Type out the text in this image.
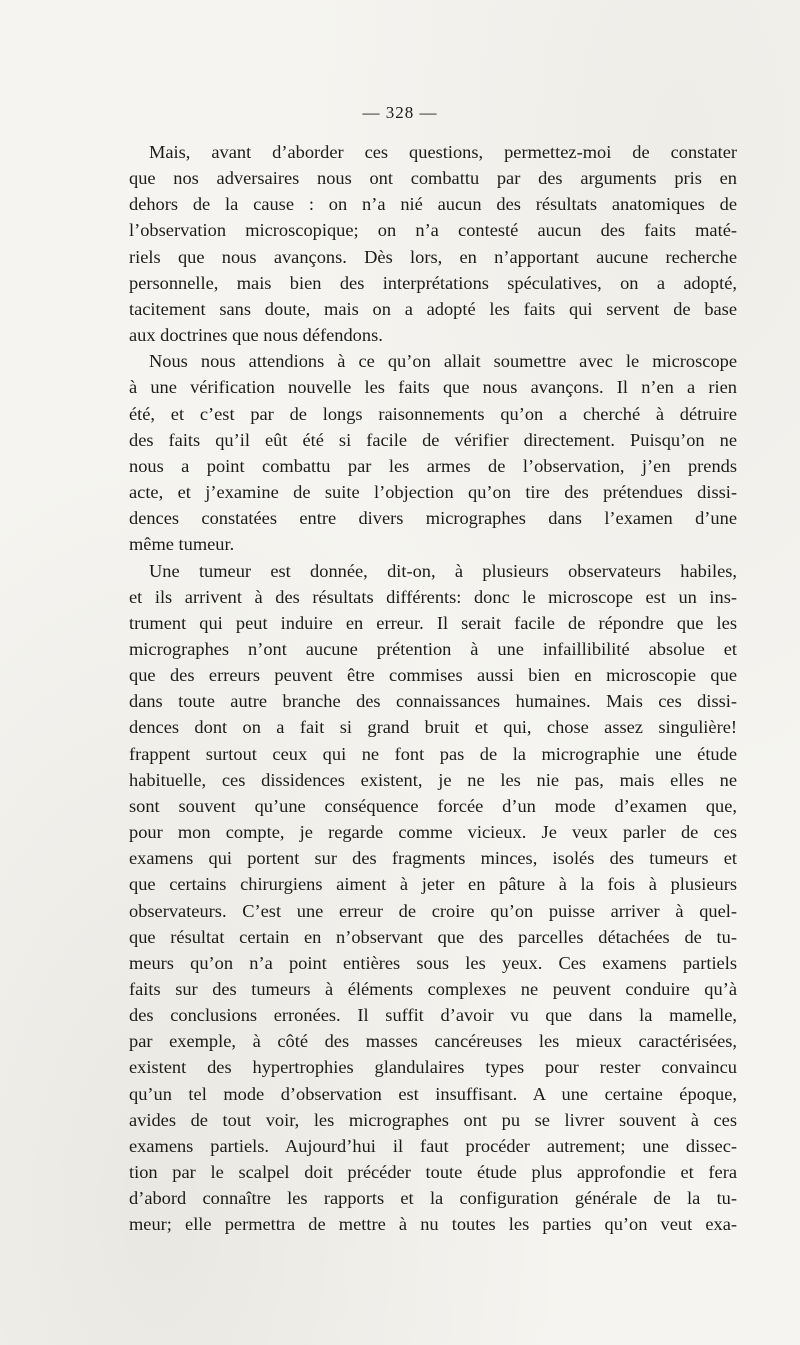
— 328 —
Mais, avant d’aborder ces questions, permettez-moi de constater
que nos adversaires nous ont combattu par des arguments pris en
dehors de la cause : on n’a nié aucun des résultats anatomiques de
l’observation microscopique; on n’a contesté aucun des faits maté-
riels que nous avançons. Dès lors, en n’apportant aucune recherche
personnelle, mais bien des interprétations spéculatives, on a adopté,
tacitement sans doute, mais on a adopté les faits qui servent de base
aux doctrines que nous défendons.
Nous nous attendions à ce qu’on allait soumettre avec le microscope
à une vérification nouvelle les faits que nous avançons. Il n’en a rien
été, et c’est par de longs raisonnements qu’on a cherché à détruire
des faits qu’il eût été si facile de vérifier directement. Puisqu’on ne
nous a point combattu par les armes de l’observation, j’en prends
acte, et j’examine de suite l’objection qu’on tire des prétendues dissi-
dences constatées entre divers micrographes dans l’examen d’une
même tumeur.
Une tumeur est donnée, dit-on, à plusieurs observateurs habiles,
et ils arrivent à des résultats différents: donc le microscope est un ins-
trument qui peut induire en erreur. Il serait facile de répondre que les
micrographes n’ont aucune prétention à une infaillibilité absolue et
que des erreurs peuvent être commises aussi bien en microscopie que
dans toute autre branche des connaissances humaines. Mais ces dissi-
dences dont on a fait si grand bruit et qui, chose assez singulière!
frappent surtout ceux qui ne font pas de la micrographie une étude
habituelle, ces dissidences existent, je ne les nie pas, mais elles ne
sont souvent qu’une conséquence forcée d’un mode d’examen que,
pour mon compte, je regarde comme vicieux. Je veux parler de ces
examens qui portent sur des fragments minces, isolés des tumeurs et
que certains chirurgiens aiment à jeter en pâture à la fois à plusieurs
observateurs. C’est une erreur de croire qu’on puisse arriver à quel-
que résultat certain en n’observant que des parcelles détachées de tu-
meurs qu’on n’a point entières sous les yeux. Ces examens partiels
faits sur des tumeurs à éléments complexes ne peuvent conduire qu’à
des conclusions erronées. Il suffit d’avoir vu que dans la mamelle,
par exemple, à côté des masses cancéreuses les mieux caractérisées,
existent des hypertrophies glandulaires types pour rester convaincu
qu’un tel mode d’observation est insuffisant. A une certaine époque,
avides de tout voir, les micrographes ont pu se livrer souvent à ces
examens partiels. Aujourd’hui il faut procéder autrement; une dissec-
tion par le scalpel doit précéder toute étude plus approfondie et fera
d’abord connaître les rapports et la configuration générale de la tu-
meur; elle permettra de mettre à nu toutes les parties qu’on veut exa-
